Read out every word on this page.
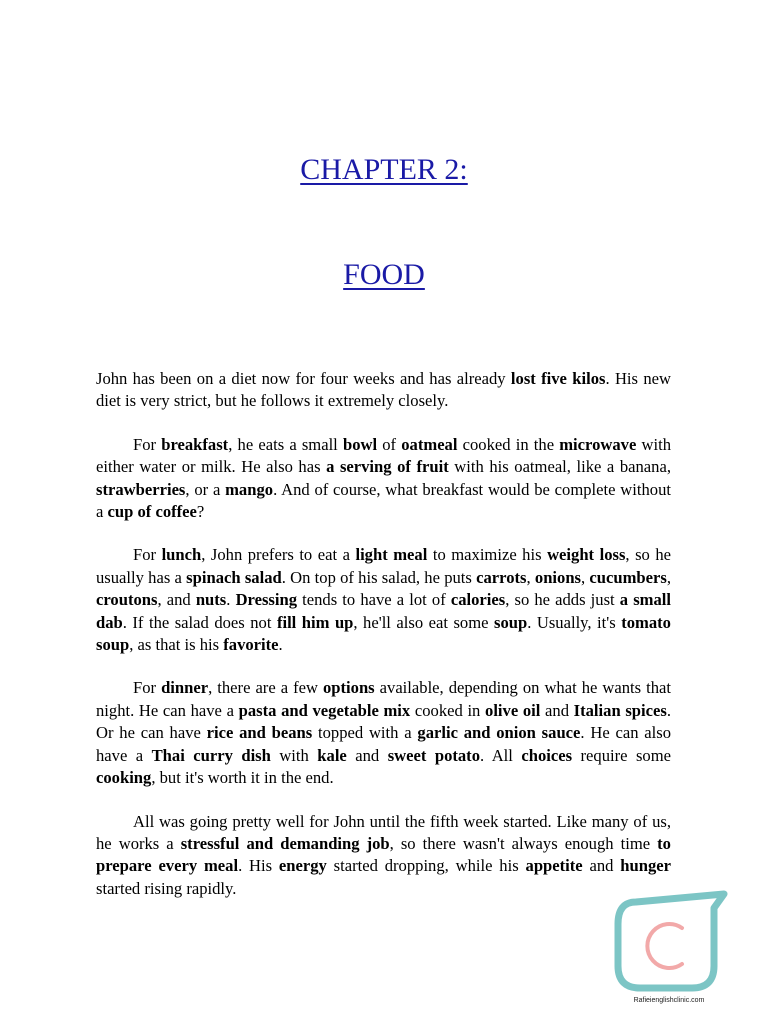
CHAPTER 2:
FOOD

John has been on a diet now for four weeks and has already lost five kilos. His new diet is very strict, but he follows it extremely closely.

For breakfast, he eats a small bowl of oatmeal cooked in the microwave with either water or milk. He also has a serving of fruit with his oatmeal, like a banana, strawberries, or a mango. And of course, what breakfast would be complete without a cup of coffee?

For lunch, John prefers to eat a light meal to maximize his weight loss, so he usually has a spinach salad. On top of his salad, he puts carrots, onions, cucumbers, croutons, and nuts. Dressing tends to have a lot of calories, so he adds just a small dab. If the salad does not fill him up, he'll also eat some soup. Usually, it's tomato soup, as that is his favorite.

For dinner, there are a few options available, depending on what he wants that night. He can have a pasta and vegetable mix cooked in olive oil and Italian spices. Or he can have rice and beans topped with a garlic and onion sauce. He can also have a Thai curry dish with kale and sweet potato. All choices require some cooking, but it's worth it in the end.

All was going pretty well for John until the fifth week started. Like many of us, he works a stressful and demanding job, so there wasn't always enough time to prepare every meal. His energy started dropping, while his appetite and hunger started rising rapidly.

Rafieienglishclinic.com
